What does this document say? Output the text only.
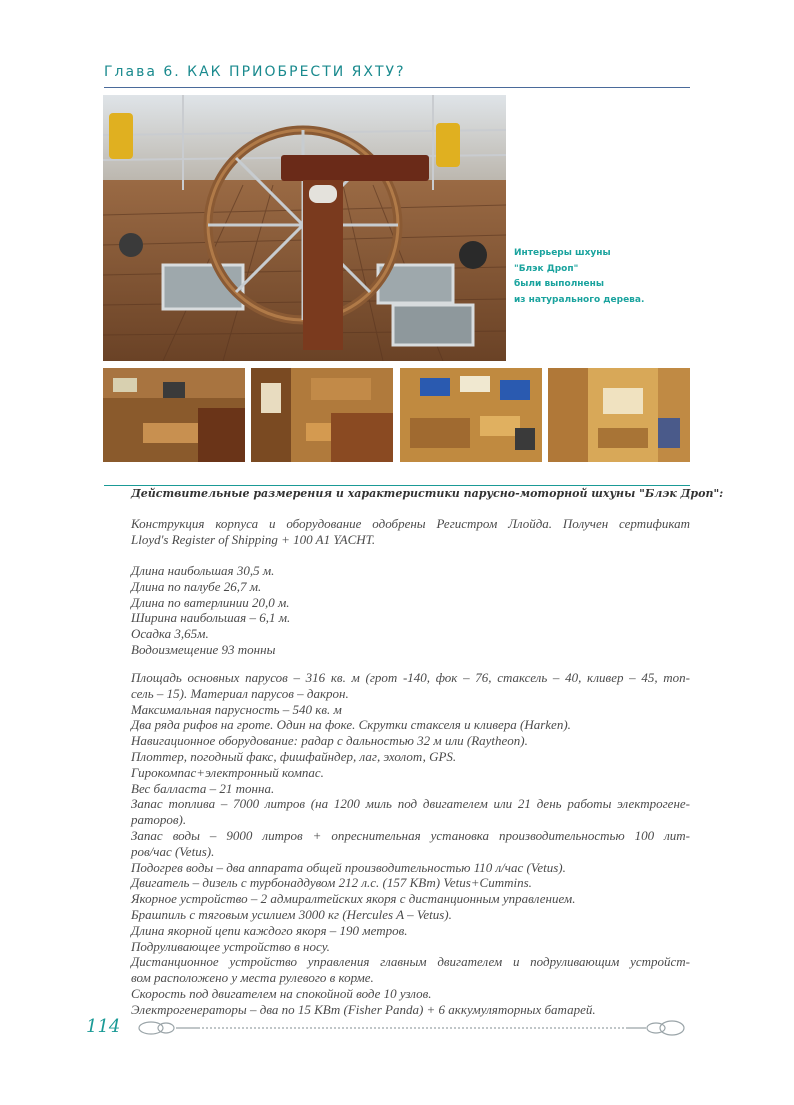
Глава 6. КАК ПРИОБРЕСТИ ЯХТУ?
Интерьеры шхуны
"Блэк Дроп"
были выполнены
из натурального дерева.
Действительные размерения и характеристики парусно-моторной шхуны "Блэк Дроп":
Конструкция корпуса и оборудование одобрены Регистром Ллойда. Получен сертификат
Lloyd's Register of Shipping + 100 A1 YACHT.
Длина наибольшая 30,5 м.
Длина по палубе 26,7 м.
Длина по ватерлинии 20,0 м.
Ширина наибольшая – 6,1 м.
Осадка 3,65м.
Водоизмещение 93 тонны
Площадь основных парусов – 316 кв. м (грот -140, фок – 76, стаксель – 40, кливер – 45, топ-
сель – 15). Материал парусов – дакрон.
Максимальная парусность – 540 кв. м
Два ряда рифов на гроте. Один на фоке. Скрутки стакселя и кливера (Harken).
Навигационное оборудование: радар с дальностью 32 м или (Raytheon).
Плоттер, погодный факс, фишфайндер, лаг, эхолот, GPS.
Гирокомпас+электронный компас.
Вес балласта – 21 тонна.
Запас топлива – 7000 литров (на 1200 миль под двигателем или 21 день работы электрогене-
раторов).
Запас воды – 9000 литров + опреснительная установка производительностью 100 лит-
ров/час (Vetus).
Подогрев воды – два аппарата общей производительностью 110 л/час (Vetus).
Двигатель – дизель с турбонаддувом 212 л.с. (157 КВт) Vetus+Cummins.
Якорное устройство – 2 адмиралтейских якоря с дистанционным управлением.
Брашпиль с тяговым усилием 3000 кг (Hercules A – Vetus).
Длина якорной цепи каждого якоря – 190 метров.
Подруливающее устройство в носу.
Дистанционное устройство управления главным двигателем и подруливающим устройст-
вом расположено у места рулевого в корме.
Скорость под двигателем на спокойной воде 10 узлов.
Электрогенераторы – два по 15 КВт (Fisher Panda) + 6 аккумуляторных батарей.
114
